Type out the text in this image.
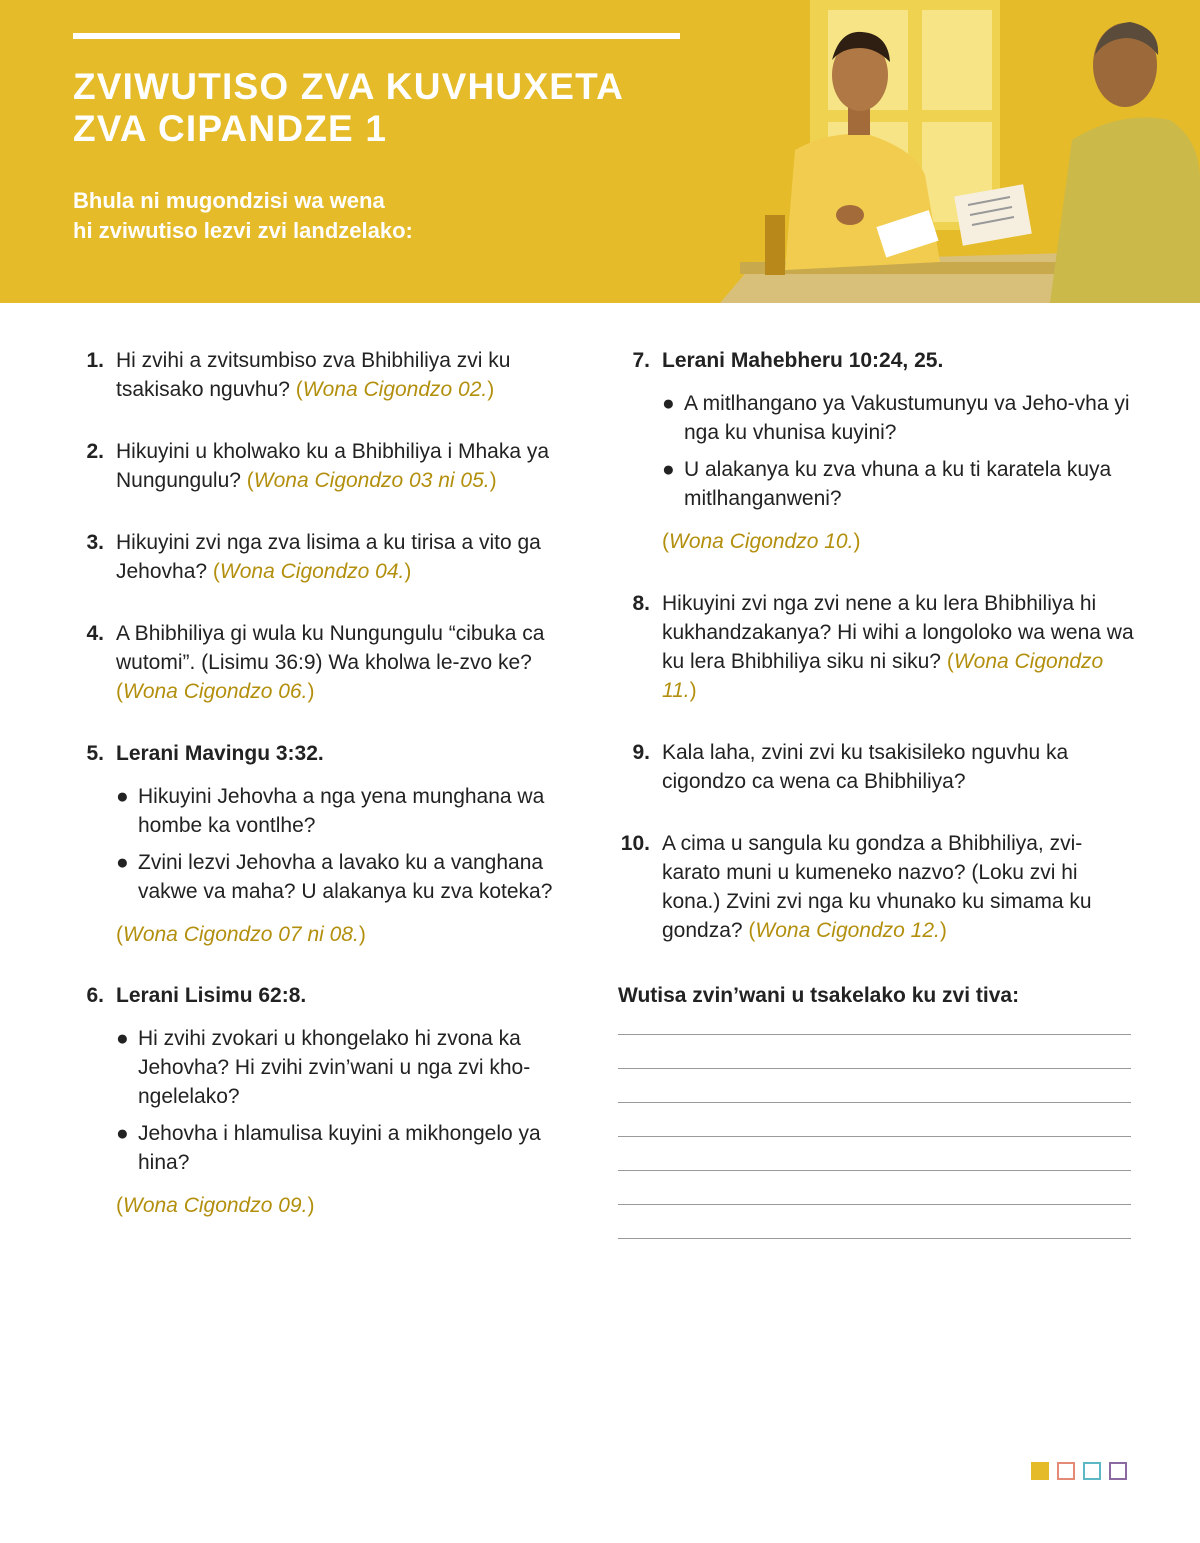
ZVIWUTISO ZVA KUVHUXETA
ZVA CIPANDZE 1
Bhula ni mugondzisi wa wena
hi zviwutiso lezvi zvi landzelako:
1. Hi zvihi a zvitsumbiso zva Bhibhiliya zvi ku tsakisako nguvhu? (Wona Cigondzo 02.)
2. Hikuyini u kholwako ku a Bhibhiliya i Mhaka ya Nungungulu? (Wona Cigondzo 03 ni 05.)
3. Hikuyini zvi nga zva lisima a ku tirisa a vito ga Jehovha? (Wona Cigondzo 04.)
4. A Bhibhiliya gi wula ku Nungungulu “cibuka ca wutomi”. (Lisimu 36:9) Wa kholwa le-zvo ke? (Wona Cigondzo 06.)
5. Lerani Mavingu 3:32.
● Hikuyini Jehovha a nga yena munghana wa hombe ka vontlhe?
● Zvini lezvi Jehovha a lavako ku a vanghana vakwe va maha? U alakanya ku zva koteka?
(Wona Cigondzo 07 ni 08.)
6. Lerani Lisimu 62:8.
● Hi zvihi zvokari u khongelako hi zvona ka Jehovha? Hi zvihi zvin’wani u nga zvi kho-ngelelako?
● Jehovha i hlamulisa kuyini a mikhongelo ya hina?
(Wona Cigondzo 09.)
7. Lerani Mahebheru 10:24, 25.
● A mitlhangano ya Vakustumunyu va Jeho-vha yi nga ku vhunisa kuyini?
● U alakanya ku zva vhuna a ku ti karatela kuya mitlhanganweni?
(Wona Cigondzo 10.)
8. Hikuyini zvi nga zvi nene a ku lera Bhibhiliya hi kukhandzakanya? Hi wihi a longoloko wa wena wa ku lera Bhibhiliya siku ni siku? (Wona Cigondzo 11.)
9. Kala laha, zvini zvi ku tsakisileko nguvhu ka cigondzo ca wena ca Bhibhiliya?
10. A cima u sangula ku gondza a Bhibhiliya, zvi-karato muni u kumeneko nazvo? (Loku zvi hi kona.) Zvini zvi nga ku vhunako ku simama ku gondza? (Wona Cigondzo 12.)
Wutisa zvin’wani u tsakelako ku zvi tiva:
